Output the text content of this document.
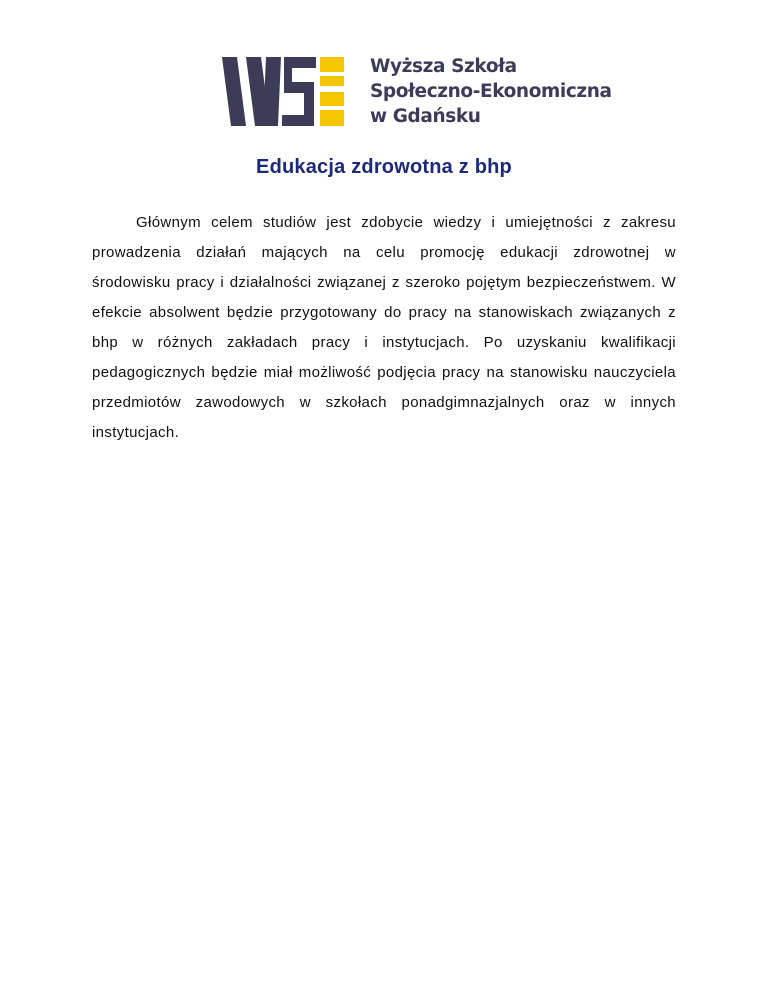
Wyższa Szkoła
Społeczno-Ekonomiczna
w Gdańsku
Edukacja zdrowotna z bhp

Głównym celem studiów jest zdobycie wiedzy i umiejętności z zakresu prowadzenia działań mających na celu promocję edukacji zdrowotnej w środowisku pracy i działalności związanej z szeroko pojętym bezpieczeństwem. W efekcie absolwent będzie przygotowany do pracy na stanowiskach związanych z bhp w różnych zakładach pracy i instytucjach. Po uzyskaniu kwalifikacji pedagogicznych będzie miał możliwość podjęcia pracy na stanowisku nauczyciela przedmiotów zawodowych w szkołach ponadgimnazjalnych oraz w innych instytucjach.
